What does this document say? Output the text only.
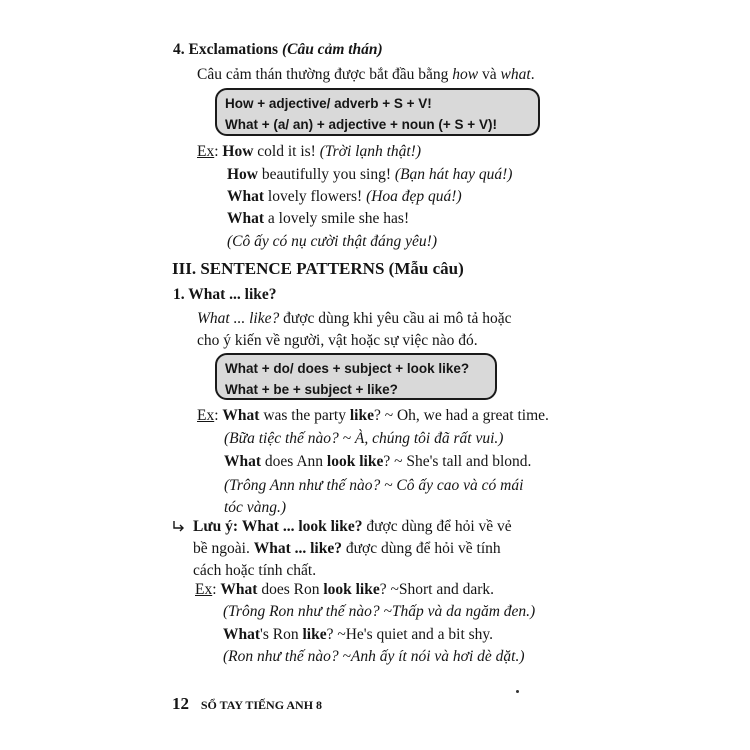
4. Exclamations (Câu cảm thán)
Câu cảm thán thường được bắt đầu bằng how và what.
How + adjective/ adverb + S + V!
What + (a/ an) + adjective + noun (+ S + V)!
Ex: How cold it is! (Trời lạnh thật!)
How beautifully you sing! (Bạn hát hay quá!)
What lovely flowers! (Hoa đẹp quá!)
What a lovely smile she has!
(Cô ấy có nụ cười thật đáng yêu!)
III. SENTENCE PATTERNS (Mẫu câu)
1. What ... like?
What ... like? được dùng khi yêu cầu ai mô tả hoặc
cho ý kiến về người, vật hoặc sự việc nào đó.
What + do/ does + subject + look like?
What + be + subject + like?
Ex: What was the party like? ~ Oh, we had a great time.
(Bữa tiệc thế nào? ~ À, chúng tôi đã rất vui.)
What does Ann look like? ~ She's tall and blond.
(Trông Ann như thế nào? ~ Cô ấy cao và có mái
tóc vàng.)
Lưu ý: What ... look like? được dùng để hỏi về vẻ
bề ngoài. What ... like? được dùng để hỏi về tính
cách hoặc tính chất.
Ex: What does Ron look like? ~Short and dark.
(Trông Ron như thế nào? ~Thấp và da ngăm đen.)
What's Ron like? ~He's quiet and a bit shy.
(Ron như thế nào? ~Anh ấy ít nói và hơi dè dặt.)
12 SỔ TAY TIẾNG ANH 8
